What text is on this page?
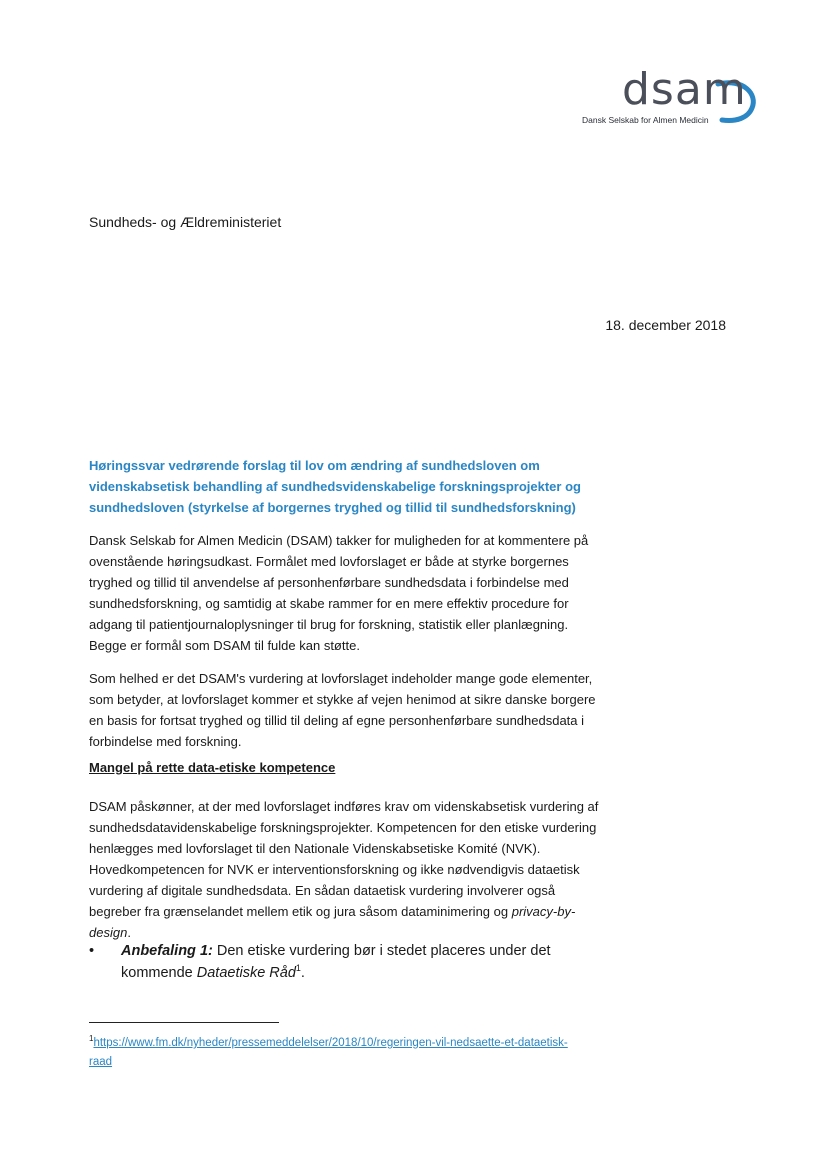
dsam
Dansk Selskab for Almen Medicin
Sundheds- og Ældreministeriet
18. december 2018
Høringssvar vedrørende forslag til lov om ændring af sundhedsloven om videnskabsetisk behandling af sundhedsvidenskabelige forskningsprojekter og sundhedsloven (styrkelse af borgernes tryghed og tillid til sundhedsforskning)
Dansk Selskab for Almen Medicin (DSAM) takker for muligheden for at kommentere på ovenstående høringsudkast. Formålet med lovforslaget er både at styrke borgernes tryghed og tillid til anvendelse af personhenførbare sundhedsdata i forbindelse med sundhedsforskning, og samtidig at skabe rammer for en mere effektiv procedure for adgang til patientjournaloplysninger til brug for forskning, statistik eller planlægning. Begge er formål som DSAM til fulde kan støtte.
Som helhed er det DSAM's vurdering at lovforslaget indeholder mange gode elementer, som betyder, at lovforslaget kommer et stykke af vejen henimod at sikre danske borgere en basis for fortsat tryghed og tillid til deling af egne personhenførbare sundhedsdata i forbindelse med forskning.
Mangel på rette data-etiske kompetence
DSAM påskønner, at der med lovforslaget indføres krav om videnskabsetisk vurdering af sundhedsdatavidenskabelige forskningsprojekter. Kompetencen for den etiske vurdering henlægges med lovforslaget til den Nationale Videnskabsetiske Komité (NVK). Hovedkompetencen for NVK er interventionsforskning og ikke nødvendigvis dataetisk vurdering af digitale sundhedsdata. En sådan dataetisk vurdering involverer også begreber fra grænselandet mellem etik og jura såsom dataminimering og privacy-by-design.
• Anbefaling 1: Den etiske vurdering bør i stedet placeres under det kommende Dataetiske Råd$^1$.
$^1$https://www.fm.dk/nyheder/pressemeddelelser/2018/10/regeringen-vil-nedsaette-et-dataetisk-raad
